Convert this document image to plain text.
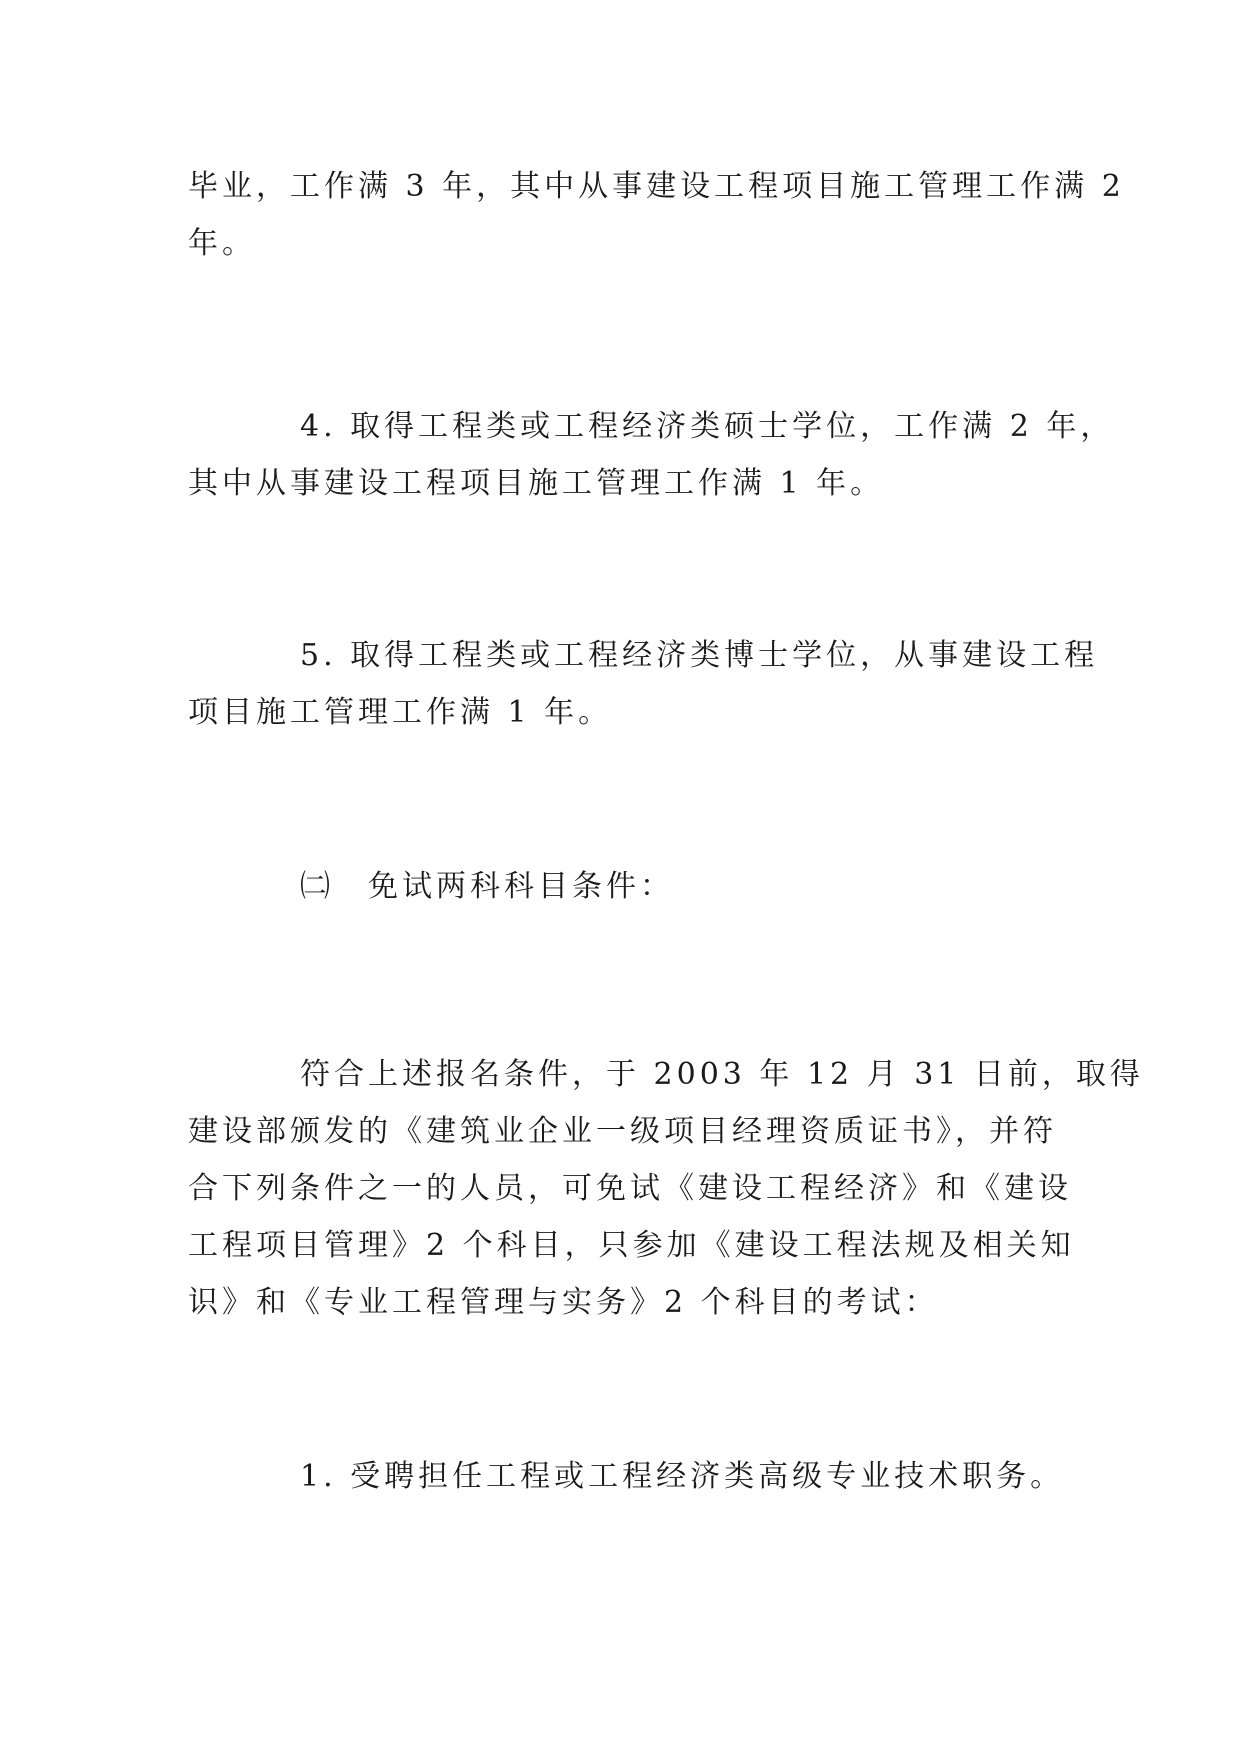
毕业，工作满 3 年，其中从事建设工程项目施工管理工作满 2
年。

4. 取得工程类或工程经济类硕士学位，工作满 2 年，
其中从事建设工程项目施工管理工作满 1 年。

5. 取得工程类或工程经济类博士学位，从事建设工程
项目施工管理工作满 1 年。

㈡　免试两科科目条件：

符合上述报名条件，于 2003 年 12 月 31 日前，取得
建设部颁发的《建筑业企业一级项目经理资质证书》，并符
合下列条件之一的人员，可免试《建设工程经济》和《建设
工程项目管理》2 个科目，只参加《建设工程法规及相关知
识》和《专业工程管理与实务》2 个科目的考试：

1. 受聘担任工程或工程经济类高级专业技术职务。
